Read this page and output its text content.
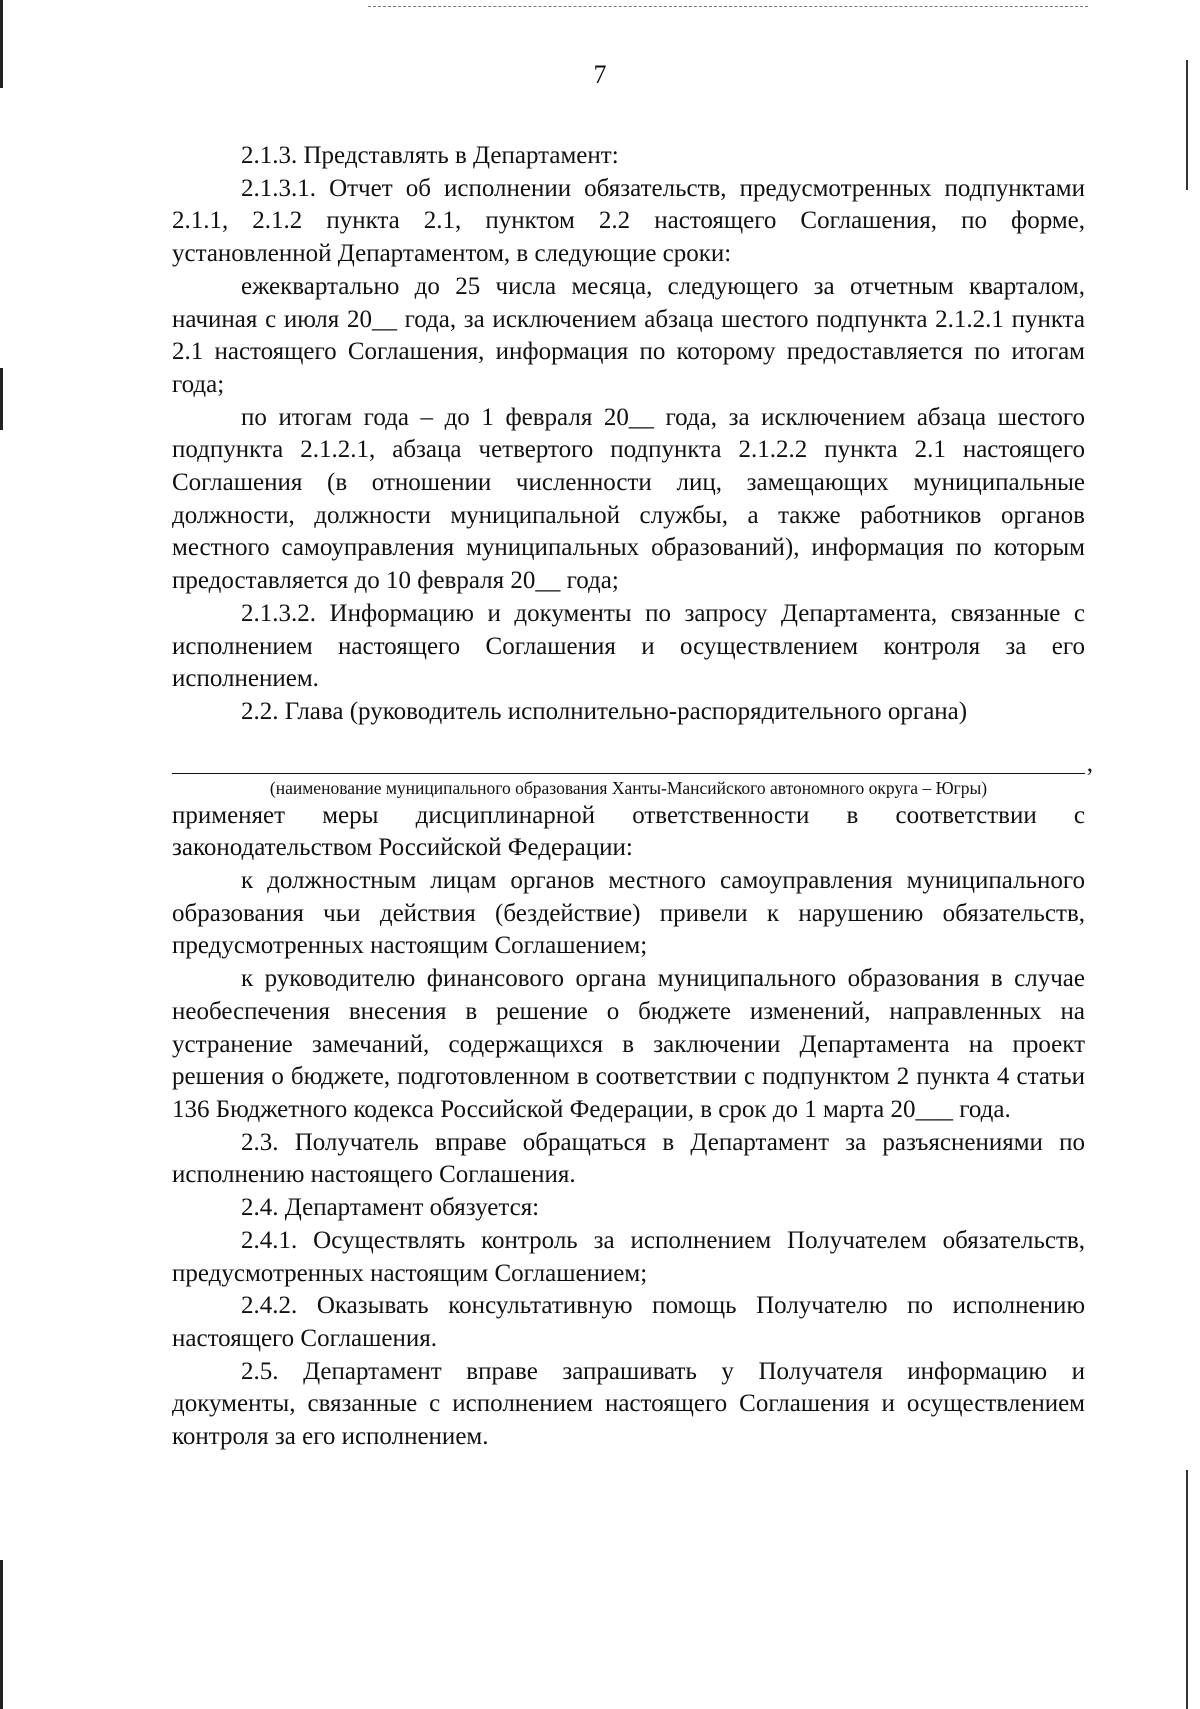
7

2.1.3. Представлять в Департамент:

2.1.3.1. Отчет об исполнении обязательств, предусмотренных подпунктами 2.1.1, 2.1.2 пункта 2.1, пунктом 2.2 настоящего Соглашения, по форме, установленной Департаментом, в следующие сроки:

ежеквартально до 25 числа месяца, следующего за отчетным кварталом, начиная с июля 20__ года, за исключением абзаца шестого подпункта 2.1.2.1 пункта 2.1 настоящего Соглашения, информация по которому предоставляется по итогам года;

по итогам года – до 1 февраля 20__ года, за исключением абзаца шестого подпункта 2.1.2.1, абзаца четвертого подпункта 2.1.2.2 пункта 2.1 настоящего Соглашения (в отношении численности лиц, замещающих муниципальные должности, должности муниципальной службы, а также работников органов местного самоуправления муниципальных образований), информация по которым предоставляется до 10 февраля 20__ года;

2.1.3.2. Информацию и документы по запросу Департамента, связанные с исполнением настоящего Соглашения и осуществлением контроля за его исполнением.

2.2. Глава (руководитель исполнительно-распорядительного органа)

,

(наименование муниципального образования Ханты-Мансийского автономного округа – Югры)

применяет меры дисциплинарной ответственности в соответствии с законодательством Российской Федерации:

к должностным лицам органов местного самоуправления муниципального образования чьи действия (бездействие) привели к нарушению обязательств, предусмотренных настоящим Соглашением;

к руководителю финансового органа муниципального образования в случае необеспечения внесения в решение о бюджете изменений, направленных на устранение замечаний, содержащихся в заключении Департамента на проект решения о бюджете, подготовленном в соответствии с подпунктом 2 пункта 4 статьи 136 Бюджетного кодекса Российской Федерации, в срок до 1 марта 20___ года.

2.3. Получатель вправе обращаться в Департамент за разъяснениями по исполнению настоящего Соглашения.

2.4. Департамент обязуется:

2.4.1. Осуществлять контроль за исполнением Получателем обязательств, предусмотренных настоящим Соглашением;

2.4.2. Оказывать консультативную помощь Получателю по исполнению настоящего Соглашения.

2.5. Департамент вправе запрашивать у Получателя информацию и документы, связанные с исполнением настоящего Соглашения и осуществлением контроля за его исполнением.
